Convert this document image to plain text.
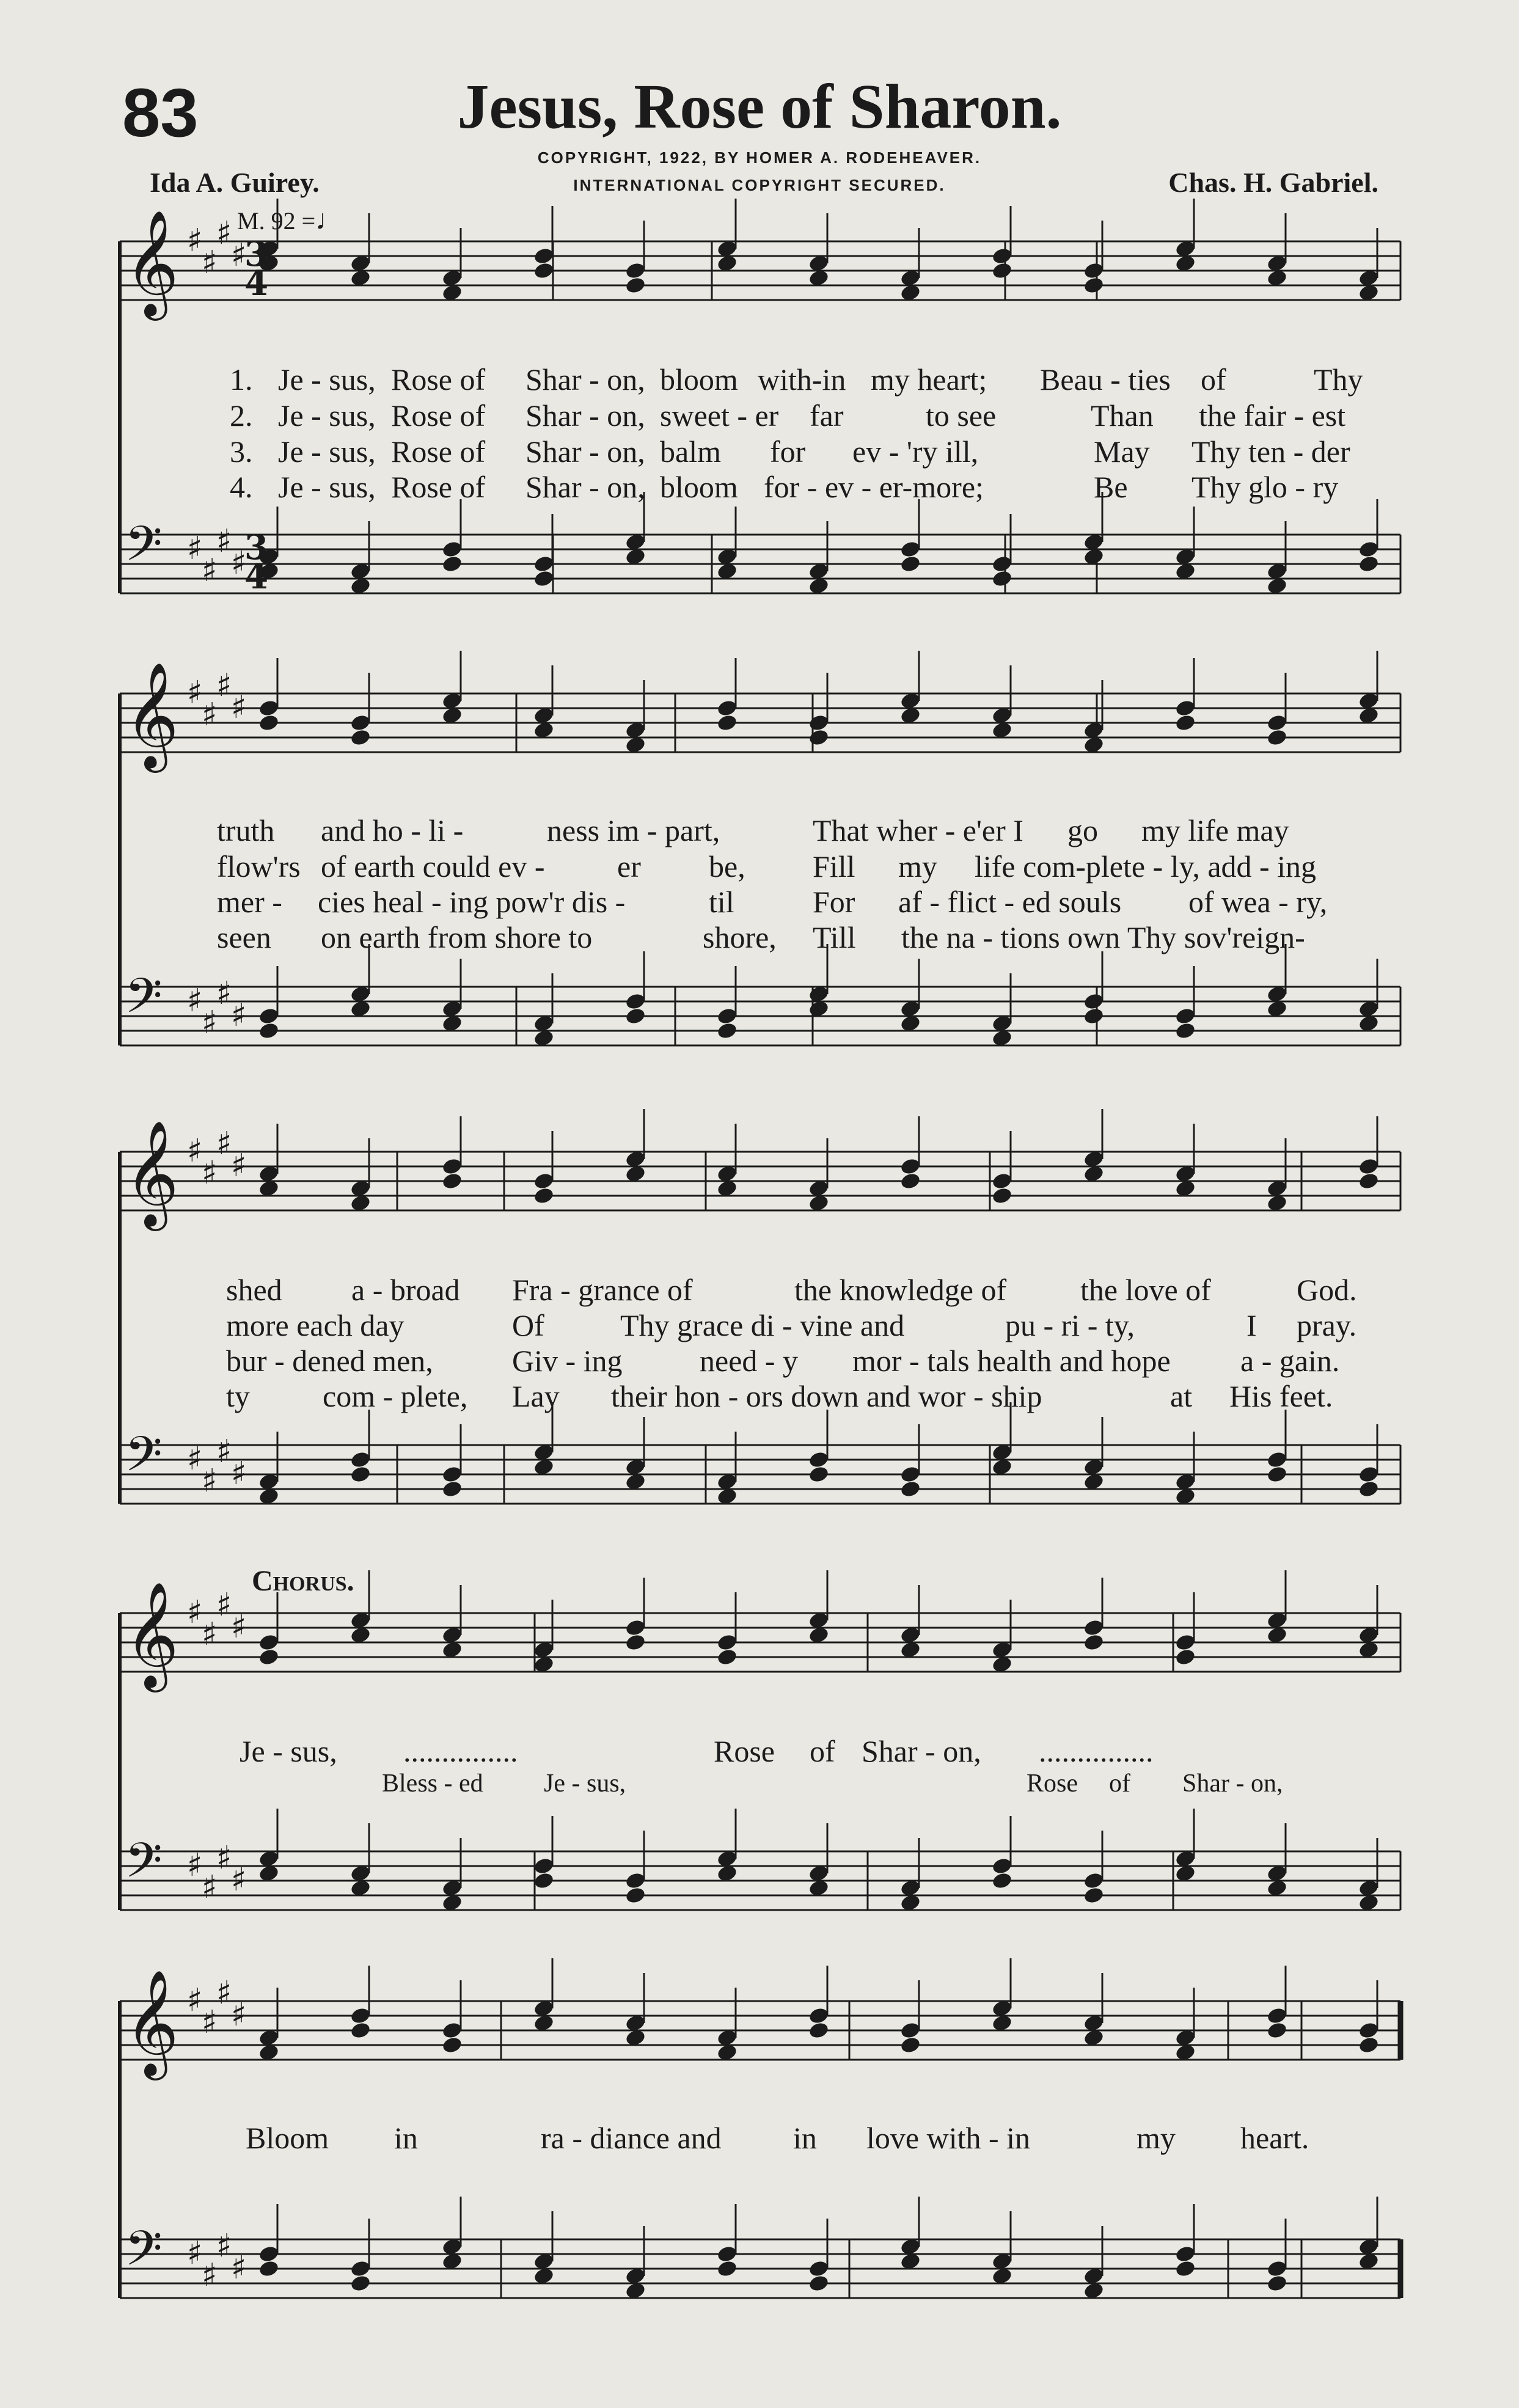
83	Jesus, Rose of Sharon.
COPYRIGHT, 1922, BY HOMER A. RODEHEAVER.
INTERNATIONAL COPYRIGHT SECURED.
Ida A. Guirey.	Chas. H. Gabriel.
M. 92 =♩
Chorus.
1. Je - sus, Rose of Shar - on, bloom with-in my heart; Beau - ties of	Thy
2. Je - sus, Rose of Shar - on, sweet - er far	to see	Than the fair - est
3. Je - sus, Rose of Shar - on, balm for ev - 'ry ill,	May Thy ten - der
4. Je - sus, Rose of Shar - on, bloom for - ev - er-more;	Be Thy glo - ry
truth and ho - li -	ness im - part,	That wher - e'er I go my life may
flow'rs of earth could ev - er be, Fill my life com-plete - ly, add - ing
mer - cies heal - ing pow'r dis -	til	For af - flict - ed souls of wea - ry,
seen on earth from shore to	shore, Till the na - tions own Thy sov'reign-
shed a - broad Fra - grance of	the knowledge of the love of	God.
more each day	Of Thy grace di - vine and	pu - ri - ty,	I pray.
bur - dened men,	Giv - ing	need - y mor - tals health and hope a - gain.
ty com - plete, Lay their hon - ors down and wor - ship	at His feet.
Je - sus, ...............	Rose of Shar - on, ...............
Bless - ed Je - sus,	Rose of Shar - on,
Bloom in	ra - diance and in love with - in	my heart.
𝄞 ♯
♯
♯
♯
𝄢 ♯
♯
♯
♯
𝄞 ♯
♯
♯
♯
𝄢 ♯
♯
♯
♯
𝄞 ♯
♯
♯
♯
𝄢 ♯
♯
♯
♯
𝄞 ♯
♯
♯
♯
𝄢 ♯
♯
♯
♯
𝄞 ♯
♯
♯
♯
𝄢 ♯
♯
♯
♯
3
4
3
4
